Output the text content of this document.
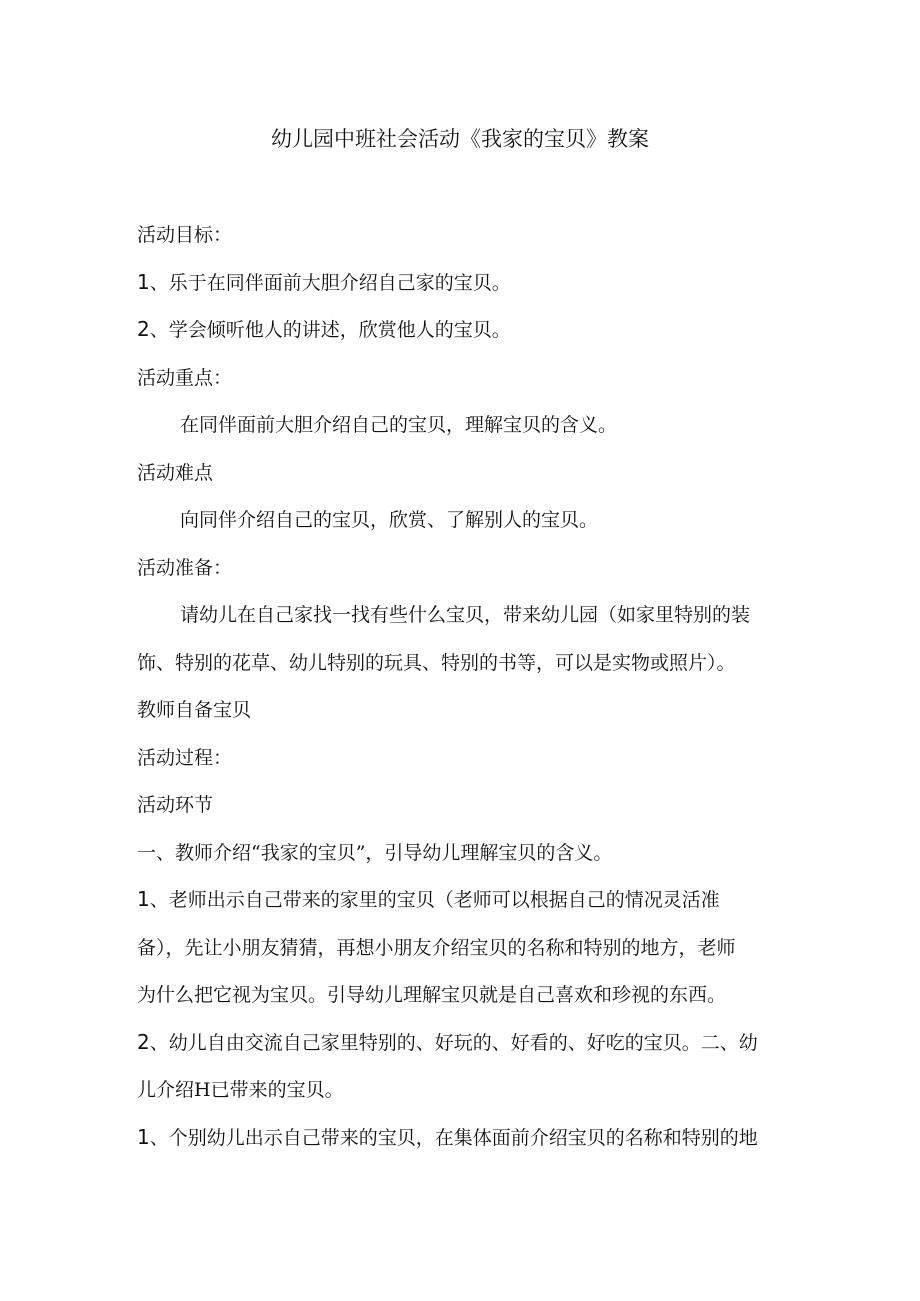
幼儿园中班社会活动《我家的宝贝》教案
活动目标：
1、乐于在同伴面前大胆介绍自己家的宝贝。
2、学会倾听他人的讲述，欣赏他人的宝贝。
活动重点：
在同伴面前大胆介绍自己的宝贝，理解宝贝的含义。
活动难点
向同伴介绍自己的宝贝，欣赏、了解别人的宝贝。
活动准备：
请幼儿在自己家找一找有些什么宝贝，带来幼儿园（如家里特别的装
饰、特别的花草、幼儿特别的玩具、特别的书等，可以是实物或照片）。
教师自备宝贝
活动过程：
活动环节
一、教师介绍“我家的宝贝”，引导幼儿理解宝贝的含义。
1、老师出示自己带来的家里的宝贝（老师可以根据自己的情况灵活准
备），先让小朋友猜猜，再想小朋友介绍宝贝的名称和特别的地方，老师
为什么把它视为宝贝。引导幼儿理解宝贝就是自己喜欢和珍视的东西。
2、幼儿自由交流自己家里特别的、好玩的、好看的、好吃的宝贝。二、幼
儿介绍H已带来的宝贝。
1、个别幼儿出示自己带来的宝贝，在集体面前介绍宝贝的名称和特别的地
